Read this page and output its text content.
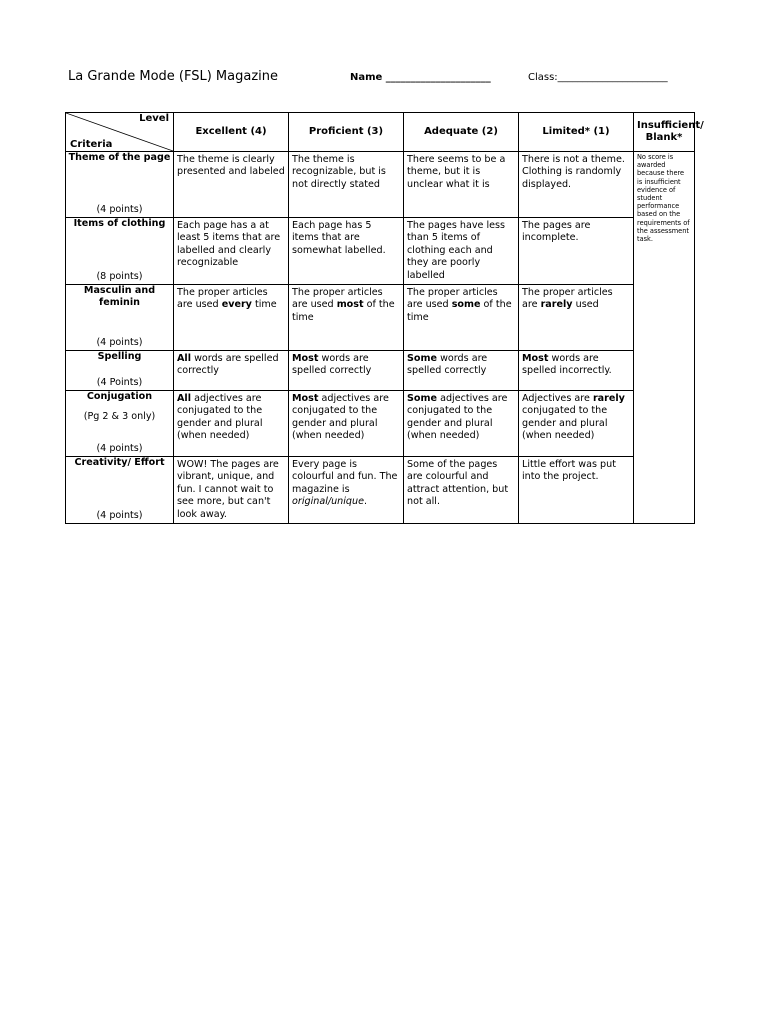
La Grande Mode (FSL) Magazine	Name _____________________	Class:______________________
Level
Criteria	Excellent (4)	Proficient (3)	Adequate (2)	Limited* (1)	Insufficient/ Blank*

Theme of the page
(4 points)	The theme is clearly presented and labeled	The theme is recognizable, but is not directly stated	There seems to be a theme, but it is unclear what it is	There is not a theme. Clothing is randomly displayed.	No score is awarded because there is insufficient evidence of student performance based on the requirements of the assessment task.

Items of clothing
(8 points)	Each page has a at least 5 items that are labelled and clearly recognizable	Each page has 5 items that are somewhat labelled.	The pages have less than 5 items of clothing each and they are poorly labelled	The pages are incomplete.	

Masculin and feminin
(4 points)	The proper articles are used every time	The proper articles are used most of the time	The proper articles are used some of the time	The proper articles are rarely used	

Spelling
(4 Points)	All words are spelled correctly	Most words are spelled correctly	Some words are spelled correctly	Most words are spelled incorrectly.	

Conjugation
(Pg 2 & 3 only)
(4 points)	All adjectives are conjugated to the gender and plural (when needed)	Most adjectives are conjugated to the gender and plural (when needed)	Some adjectives are conjugated to the gender and plural (when needed)	Adjectives are rarely conjugated to the gender and plural (when needed)	

Creativity/ Effort
(4 points)	WOW! The pages are vibrant, unique, and fun. I cannot wait to see more, but can't look away.	Every page is colourful and fun. The magazine is original/unique.	Some of the pages are colourful and attract attention, but not all.	Little effort was put into the project.	
